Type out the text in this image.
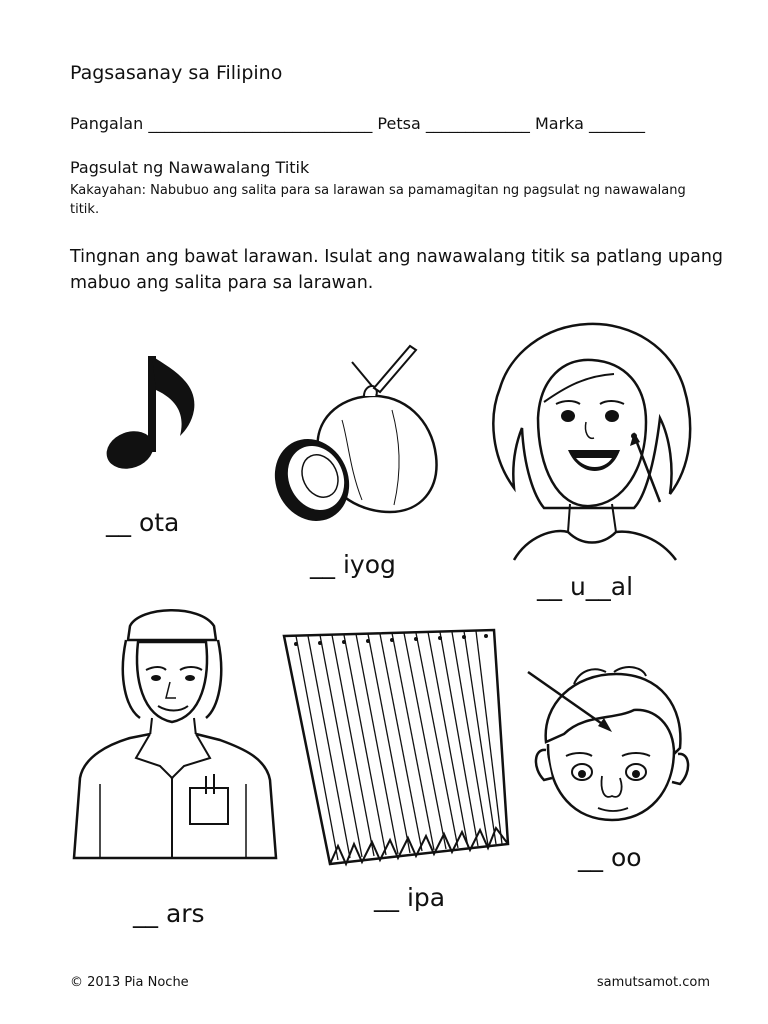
Pagsasanay sa Filipino
Pangalan ____________________________ Petsa _____________ Marka _______
Pagsulat ng Nawawalang Titik
Kakayahan: Nabubuo ang salita para sa larawan sa pamamagitan ng pagsulat ng nawawalang titik.
Tingnan ang bawat larawan. Isulat ang nawawalang titik sa patlang upang mabuo ang salita para sa larawan.
__ ota
__ iyog
__ u__al
__ ars
__ ipa
__ oo
© 2013 Pia Noche	samutsamot.com
